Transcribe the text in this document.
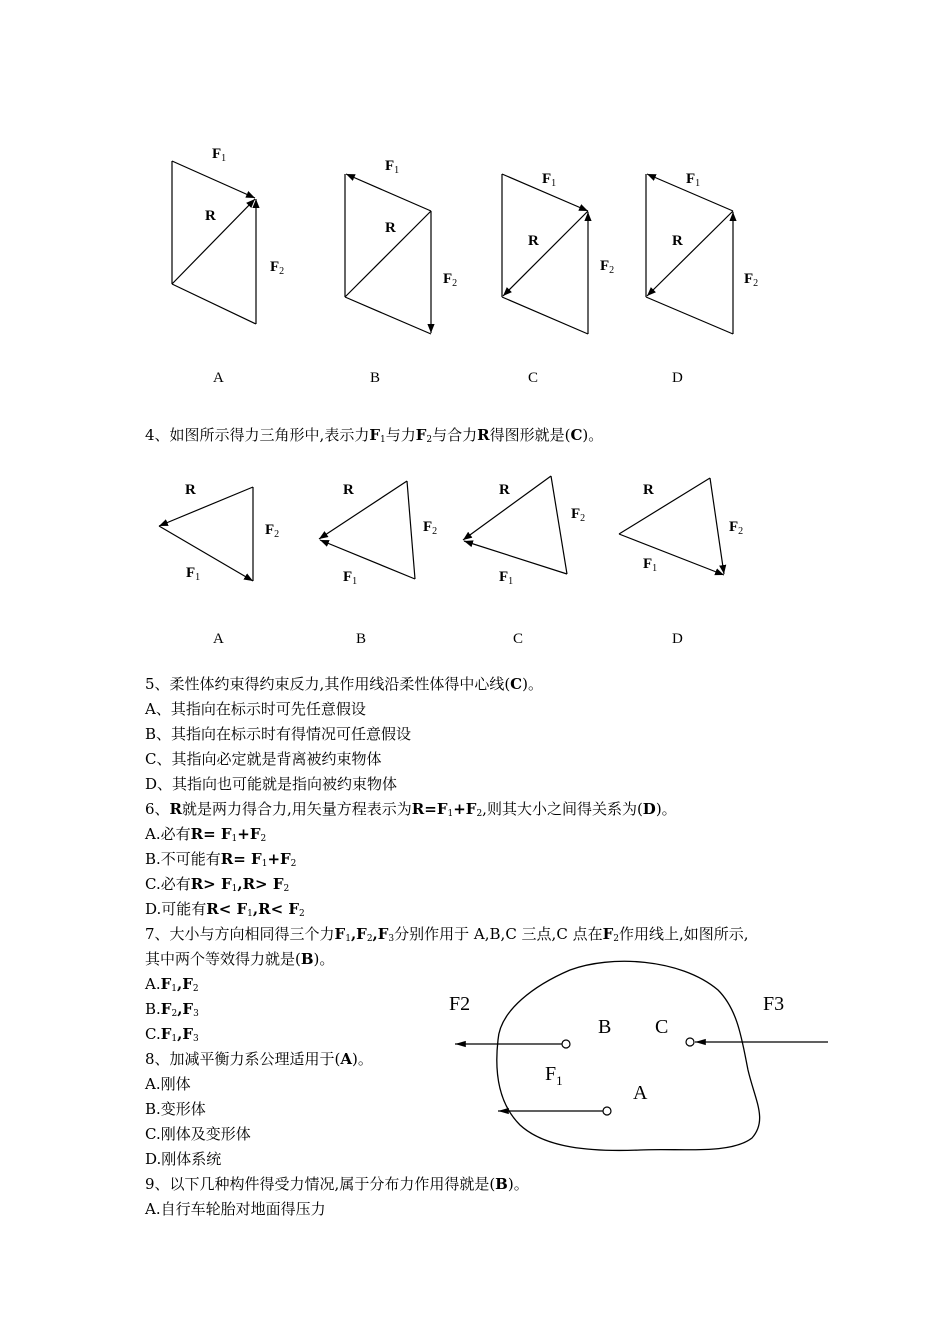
$F_1$
R
$F_2$
$F_1$
R
$F_2$
$F_1$
R
$F_2$
$F_1$
R
$F_2$
A	B	C	D
4、如图所示得力三角形中,表示力$F_1$与力$F_2$与合力R得图形就是(C)。
R
$F_2$
$F_1$
R
$F_2$
$F_1$
R
$F_2$
$F_1$
R
$F_2$
$F_1$
A	B	C	D
5、柔性体约束得约束反力,其作用线沿柔性体得中心线(C)。
A、其指向在标示时可先任意假设
B、其指向在标示时有得情况可任意假设
C、其指向必定就是背离被约束物体
D、其指向也可能就是指向被约束物体
6、R就是两力得合力,用矢量方程表示为$R=F_1+F_2$,则其大小之间得关系为(D)。
A.必有$R= F_1+F_2$
B.不可能有$R= F_1+F_2$
C.必有$R> F_1,R> F_2$
D.可能有$R< F_1,R< F_2$
7、大小与方向相同得三个力$F_1,F_2,F_3$分别作用于 A,B,C 三点,C 点在$F_2$作用线上,如图所示,
其中两个等效得力就是(B)。
$A.F_1,F_2$
$B.F_2,F_3$
$C.F_1,F_3$
F2	F3
$F_1$
B C
A
8、加减平衡力系公理适用于(A)。
A.刚体
B.变形体
C.刚体及变形体
D.刚体系统
9、以下几种构件得受力情况,属于分布力作用得就是(B)。
A.自行车轮胎对地面得压力
